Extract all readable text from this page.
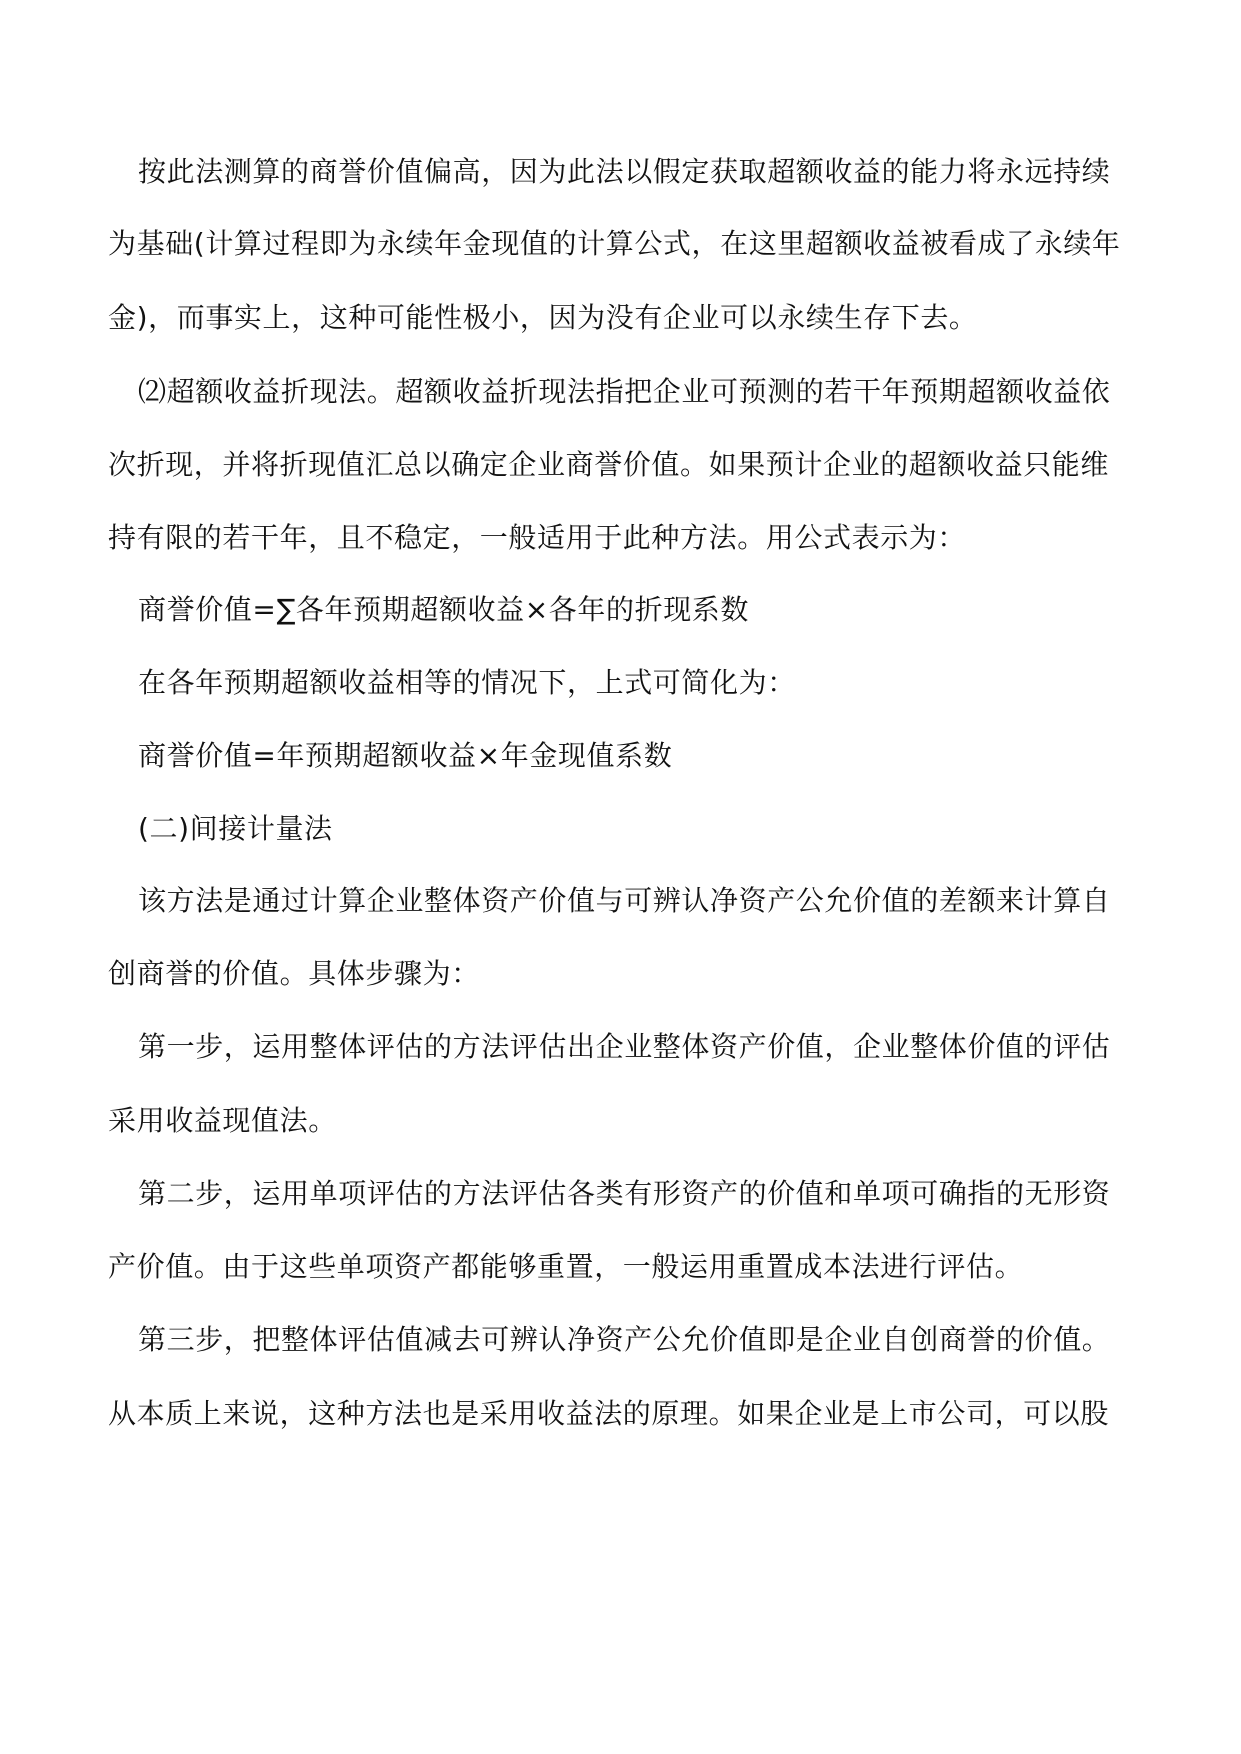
按此法测算的商誉价值偏高，因为此法以假定获取超额收益的能力将永远持续
为基础(计算过程即为永续年金现值的计算公式，在这里超额收益被看成了永续年
金)，而事实上，这种可能性极小，因为没有企业可以永续生存下去。
⑵超额收益折现法。超额收益折现法指把企业可预测的若干年预期超额收益依
次折现，并将折现值汇总以确定企业商誉价值。如果预计企业的超额收益只能维
持有限的若干年，且不稳定，一般适用于此种方法。用公式表示为：
商誉价值=∑各年预期超额收益×各年的折现系数
在各年预期超额收益相等的情况下，上式可简化为：
商誉价值=年预期超额收益×年金现值系数
(二)间接计量法
该方法是通过计算企业整体资产价值与可辨认净资产公允价值的差额来计算自
创商誉的价值。具体步骤为：
第一步，运用整体评估的方法评估出企业整体资产价值，企业整体价值的评估
采用收益现值法。
第二步，运用单项评估的方法评估各类有形资产的价值和单项可确指的无形资
产价值。由于这些单项资产都能够重置，一般运用重置成本法进行评估。
第三步，把整体评估值减去可辨认净资产公允价值即是企业自创商誉的价值。
从本质上来说，这种方法也是采用收益法的原理。如果企业是上市公司，可以股
